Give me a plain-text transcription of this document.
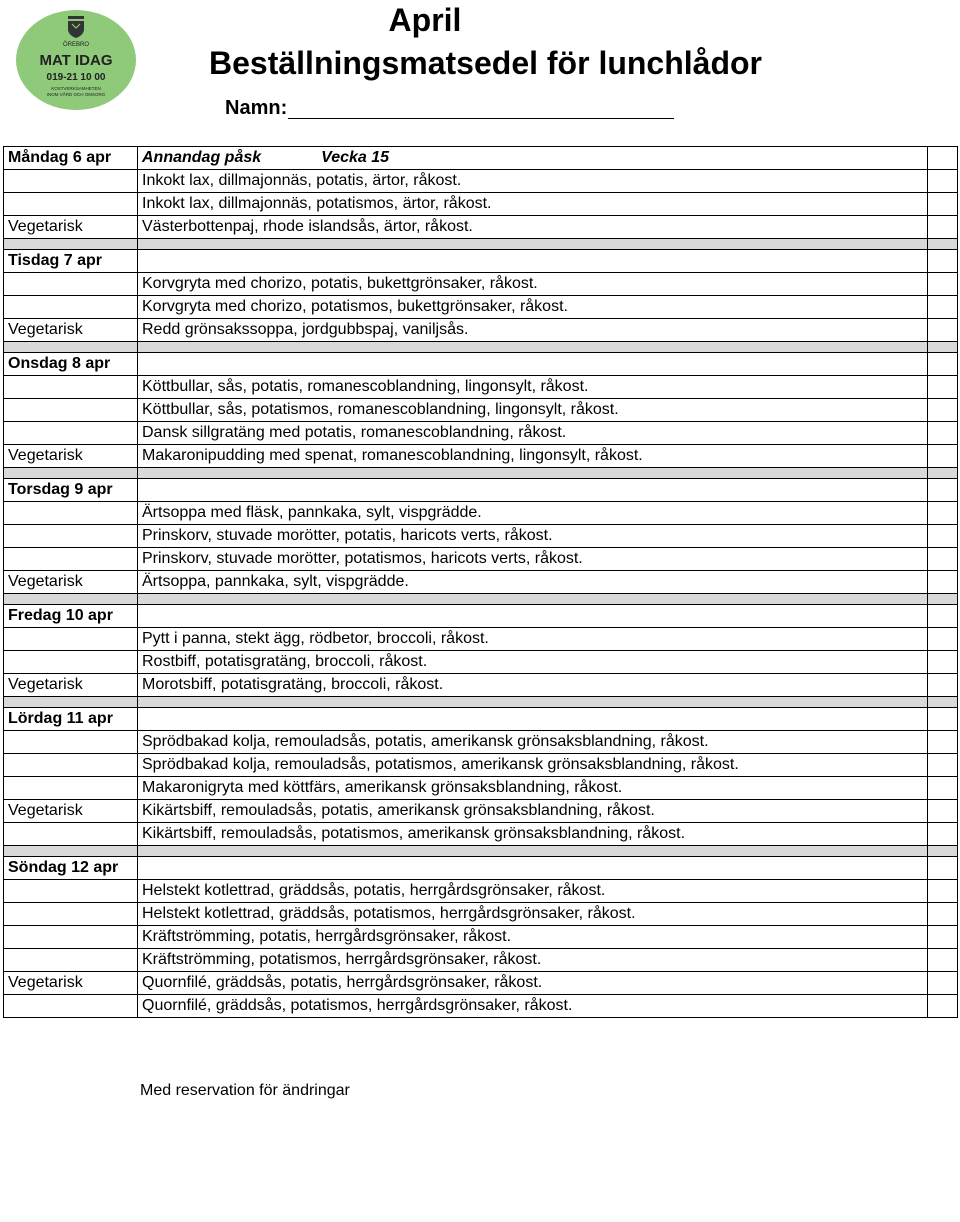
ÖREBRO
MAT IDAG
019-21 10 00
KOSTVERKSAMHETEN
INOM VÅRD OCH OMSORG
April
Beställningsmatsedel för lunchlådor
Namn:
Måndag 6 apr	Annandag påsk Vecka 15	
	Inkokt lax, dillmajonnäs, potatis, ärtor, råkost.	
	Inkokt lax, dillmajonnäs, potatismos, ärtor, råkost.	
Vegetarisk	Västerbottenpaj, rhode islandsås, ärtor, råkost.	

Tisdag 7 apr		
	Korvgryta med chorizo, potatis, bukettgrönsaker, råkost.	
	Korvgryta med chorizo, potatismos, bukettgrönsaker, råkost.	
Vegetarisk	Redd grönsakssoppa, jordgubbspaj, vaniljsås.	

Onsdag 8 apr		
	Köttbullar, sås, potatis, romanescoblandning, lingonsylt, råkost.	
	Köttbullar, sås, potatismos, romanescoblandning, lingonsylt, råkost.	
	Dansk sillgratäng med potatis, romanescoblandning, råkost.	
Vegetarisk	Makaronipudding med spenat, romanescoblandning, lingonsylt, råkost.	

Torsdag 9 apr		
	Ärtsoppa med fläsk, pannkaka, sylt, vispgrädde.	
	Prinskorv, stuvade morötter, potatis, haricots verts, råkost.	
	Prinskorv, stuvade morötter, potatismos, haricots verts, råkost.	
Vegetarisk	Ärtsoppa, pannkaka, sylt, vispgrädde.	

Fredag 10 apr		
	Pytt i panna, stekt ägg, rödbetor, broccoli, råkost.	
	Rostbiff, potatisgratäng, broccoli, råkost.	
Vegetarisk	Morotsbiff, potatisgratäng, broccoli, råkost.	

Lördag 11 apr		
	Sprödbakad kolja, remouladsås, potatis, amerikansk grönsaksblandning, råkost.	
	Sprödbakad kolja, remouladsås, potatismos, amerikansk grönsaksblandning, råkost.	
	Makaronigryta med köttfärs, amerikansk grönsaksblandning, råkost.	
Vegetarisk	Kikärtsbiff, remouladsås, potatis, amerikansk grönsaksblandning, råkost.	
	Kikärtsbiff, remouladsås, potatismos, amerikansk grönsaksblandning, råkost.	

Söndag 12 apr		
	Helstekt kotlettrad, gräddsås, potatis, herrgårdsgrönsaker, råkost.	
	Helstekt kotlettrad, gräddsås, potatismos, herrgårdsgrönsaker, råkost.	
	Kräftströmming, potatis, herrgårdsgrönsaker, råkost.	
	Kräftströmming, potatismos, herrgårdsgrönsaker, råkost.	
Vegetarisk	Quornfilé, gräddsås, potatis, herrgårdsgrönsaker, råkost.	
	Quornfilé, gräddsås, potatismos, herrgårdsgrönsaker, råkost.	
Med reservation för ändringar
